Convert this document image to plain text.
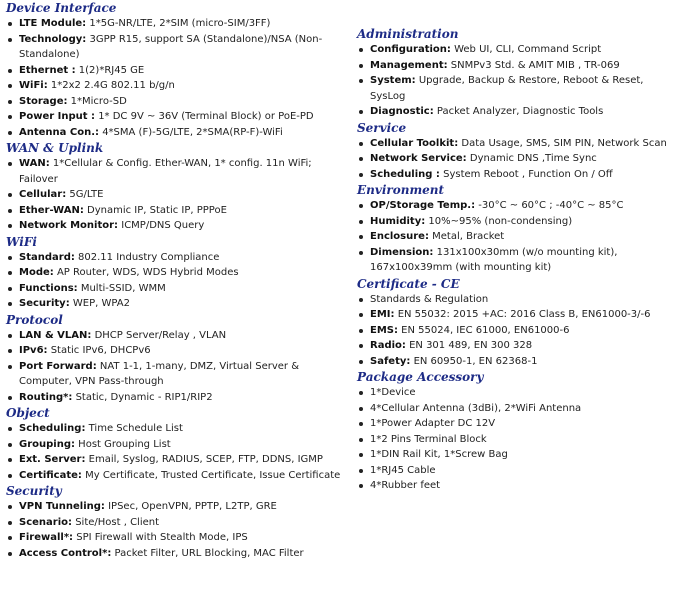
Device Interface
LTE Module: 1*5G-NR/LTE, 2*SIM (micro-SIM/3FF)
Technology: 3GPP R15, support SA (Standalone)/NSA (Non-Standalone)
Ethernet : 1(2)*RJ45 GE
WiFi: 1*2x2 2.4G 802.11 b/g/n
Storage: 1*Micro-SD
Power Input : 1* DC 9V ~ 36V (Terminal Block) or PoE-PD
Antenna Con.: 4*SMA (F)-5G/LTE, 2*SMA(RP-F)-WiFi
WAN & Uplink
WAN: 1*Cellular & Config. Ether-WAN, 1* config. 11n WiFi; Failover
Cellular: 5G/LTE
Ether-WAN: Dynamic IP, Static IP, PPPoE
Network Monitor: ICMP/DNS Query
WiFi
Standard: 802.11 Industry Compliance
Mode: AP Router, WDS, WDS Hybrid Modes
Functions: Multi-SSID, WMM
Security: WEP, WPA2
Protocol
LAN & VLAN: DHCP Server/Relay , VLAN
IPv6: Static IPv6, DHCPv6
Port Forward: NAT 1-1, 1-many, DMZ, Virtual Server & Computer, VPN Pass-through
Routing*: Static, Dynamic - RIP1/RIP2
Object
Scheduling: Time Schedule List
Grouping: Host Grouping List
Ext. Server: Email, Syslog, RADIUS, SCEP, FTP, DDNS, IGMP
Certificate: My Certificate, Trusted Certificate, Issue Certificate
Security
VPN Tunneling: IPSec, OpenVPN, PPTP, L2TP, GRE
Scenario: Site/Host , Client
Firewall*: SPI Firewall with Stealth Mode, IPS
Access Control*: Packet Filter, URL Blocking, MAC Filter
Administration
Configuration: Web UI, CLI, Command Script
Management: SNMPv3 Std. & AMIT MIB , TR-069
System: Upgrade, Backup & Restore, Reboot & Reset, SysLog
Diagnostic: Packet Analyzer, Diagnostic Tools
Service
Cellular Toolkit: Data Usage, SMS, SIM PIN, Network Scan
Network Service: Dynamic DNS ,Time Sync
Scheduling : System Reboot , Function On / Off
Environment
OP/Storage Temp.: -30°C ~ 60°C ; -40°C ~ 85°C
Humidity: 10%~95% (non-condensing)
Enclosure: Metal, Bracket
Dimension: 131x100x30mm (w/o mounting kit), 167x100x39mm (with mounting kit)
Certificate - CE
Standards & Regulation
EMI: EN 55032: 2015 +AC: 2016 Class B, EN61000-3/-6
EMS: EN 55024, IEC 61000, EN61000-6
Radio: EN 301 489, EN 300 328
Safety: EN 60950-1, EN 62368-1
Package Accessory
1*Device
4*Cellular Antenna (3dBi), 2*WiFi Antenna
1*Power Adapter DC 12V
1*2 Pins Terminal Block
1*DIN Rail Kit, 1*Screw Bag
1*RJ45 Cable
4*Rubber feet
